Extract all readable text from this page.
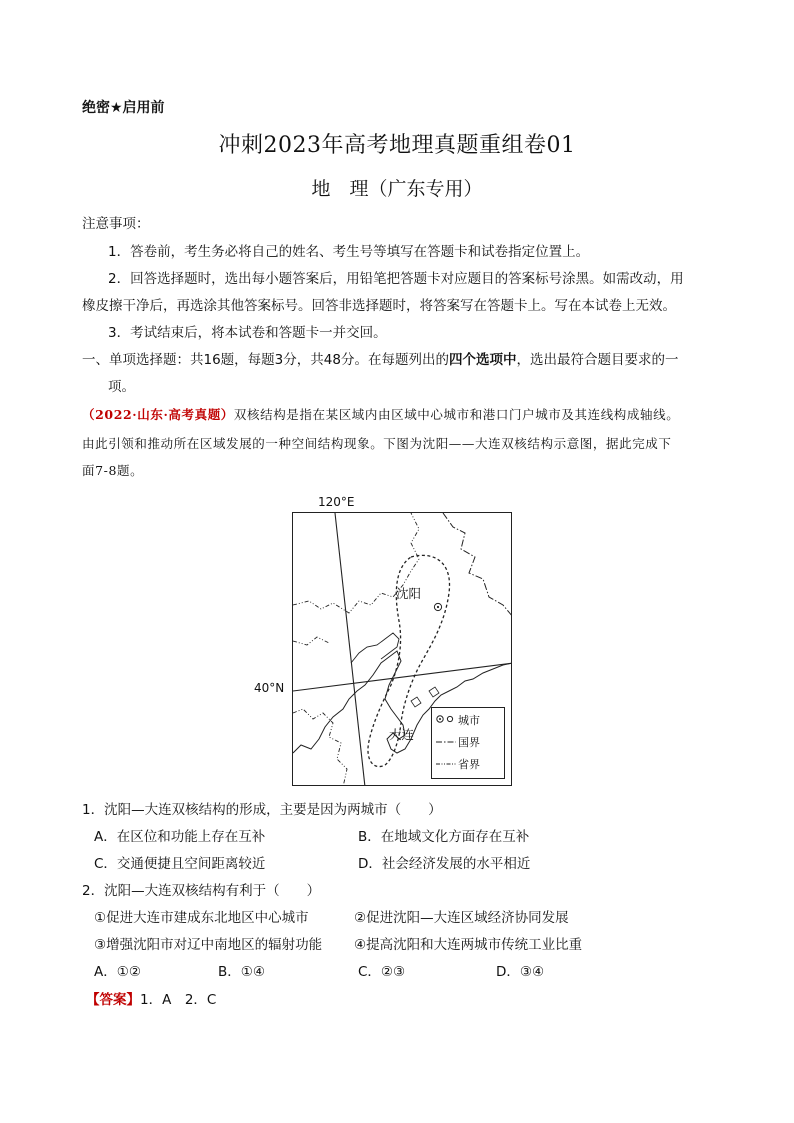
绝密★启用前
冲刺2023年高考地理真题重组卷01
地　理（广东专用）
注意事项：
1．答卷前，考生务必将自己的姓名、考生号等填写在答题卡和试卷指定位置上。
2．回答选择题时，选出每小题答案后，用铅笔把答题卡对应题目的答案标号涂黑。如需改动，用
橡皮擦干净后，再选涂其他答案标号。回答非选择题时，将答案写在答题卡上。写在本试卷上无效。
3．考试结束后，将本试卷和答题卡一并交回。
一、单项选择题：共16题，每题3分，共48分。在每题列出的四个选项中，选出最符合题目要求的一
项。
（2022·山东·高考真题）双核结构是指在某区域内由区域中心城市和港口门户城市及其连线构成轴线。
由此引领和推动所在区域发展的一种空间结构现象。下图为沈阳——大连双核结构示意图，据此完成下
面7-8题。
120°E
40°N
沈阳
大连
城市
国界
省界
1．沈阳—大连双核结构的形成，主要是因为两城市（　　）
A．在区位和功能上存在互补	B．在地域文化方面存在互补
C．交通便捷且空间距离较近	D．社会经济发展的水平相近
2．沈阳—大连双核结构有利于（　　）
①促进大连市建成东北地区中心城市	②促进沈阳—大连区域经济协同发展
③增强沈阳市对辽中南地区的辐射功能 ④提高沈阳和大连两城市传统工业比重
A．①②	B．①④	C．②③	D．③④
【答案】1．A　2．C
